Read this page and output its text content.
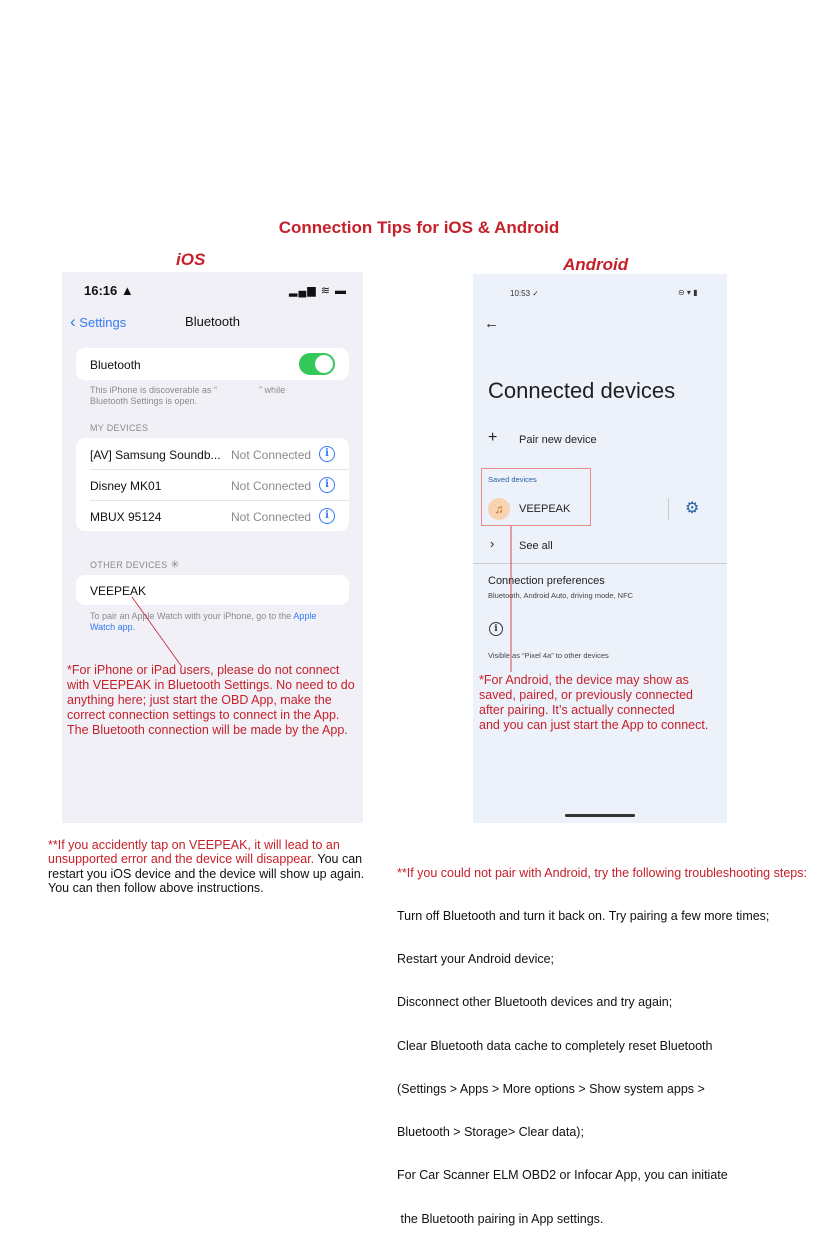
Connection Tips for iOS & Android
iOS	Android
16:16 ▲	▂▄▆ ≋ ▬
‹ Settings	Bluetooth
Bluetooth
This iPhone is discoverable as “	” while
Bluetooth Settings is open.
MY DEVICES
[AV] Samsung Soundb... Not Connected	i
Disney MK01	Not Connected	i
MBUX 95124	Not Connected	i
OTHER DEVICES ✳
VEEPEAK
To pair an Apple Watch with your iPhone, go to the Apple
Watch app.
*For iPhone or iPad users, please do not connect
with VEEPEAK in Bluetooth Settings. No need to do
anything here; just start the OBD App, make the
correct connection settings to connect in the App.
The Bluetooth connection will be made by the App.
10:53 ✓	⊝ ▾ ▮
←
Connected devices
+ Pair new device
Saved devices
♫	VEEPEAK	⚙
› See all
Connection preferences
Bluetooth, Android Auto, driving mode, NFC
i
Visible as “Pixel 4a” to other devices
*For Android, the device may show as
saved, paired, or previously connected
after pairing. It’s actually connected
and you can just start the App to connect.
**If you accidently tap on VEEPEAK, it will lead to an
unsupported error and the device will disappear. You can
restart you iOS device and the device will show up again.
You can then follow above instructions.

**If you could not pair with Android, try the following troubleshooting steps:

Turn off Bluetooth and turn it back on. Try pairing a few more times;

Restart your Android device;

Disconnect other Bluetooth devices and try again;

Clear Bluetooth data cache to completely reset Bluetooth

(Settings > Apps > More options > Show system apps >

Bluetooth > Storage> Clear data);

For Car Scanner ELM OBD2 or Infocar App, you can initiate

the Bluetooth pairing in App settings.
